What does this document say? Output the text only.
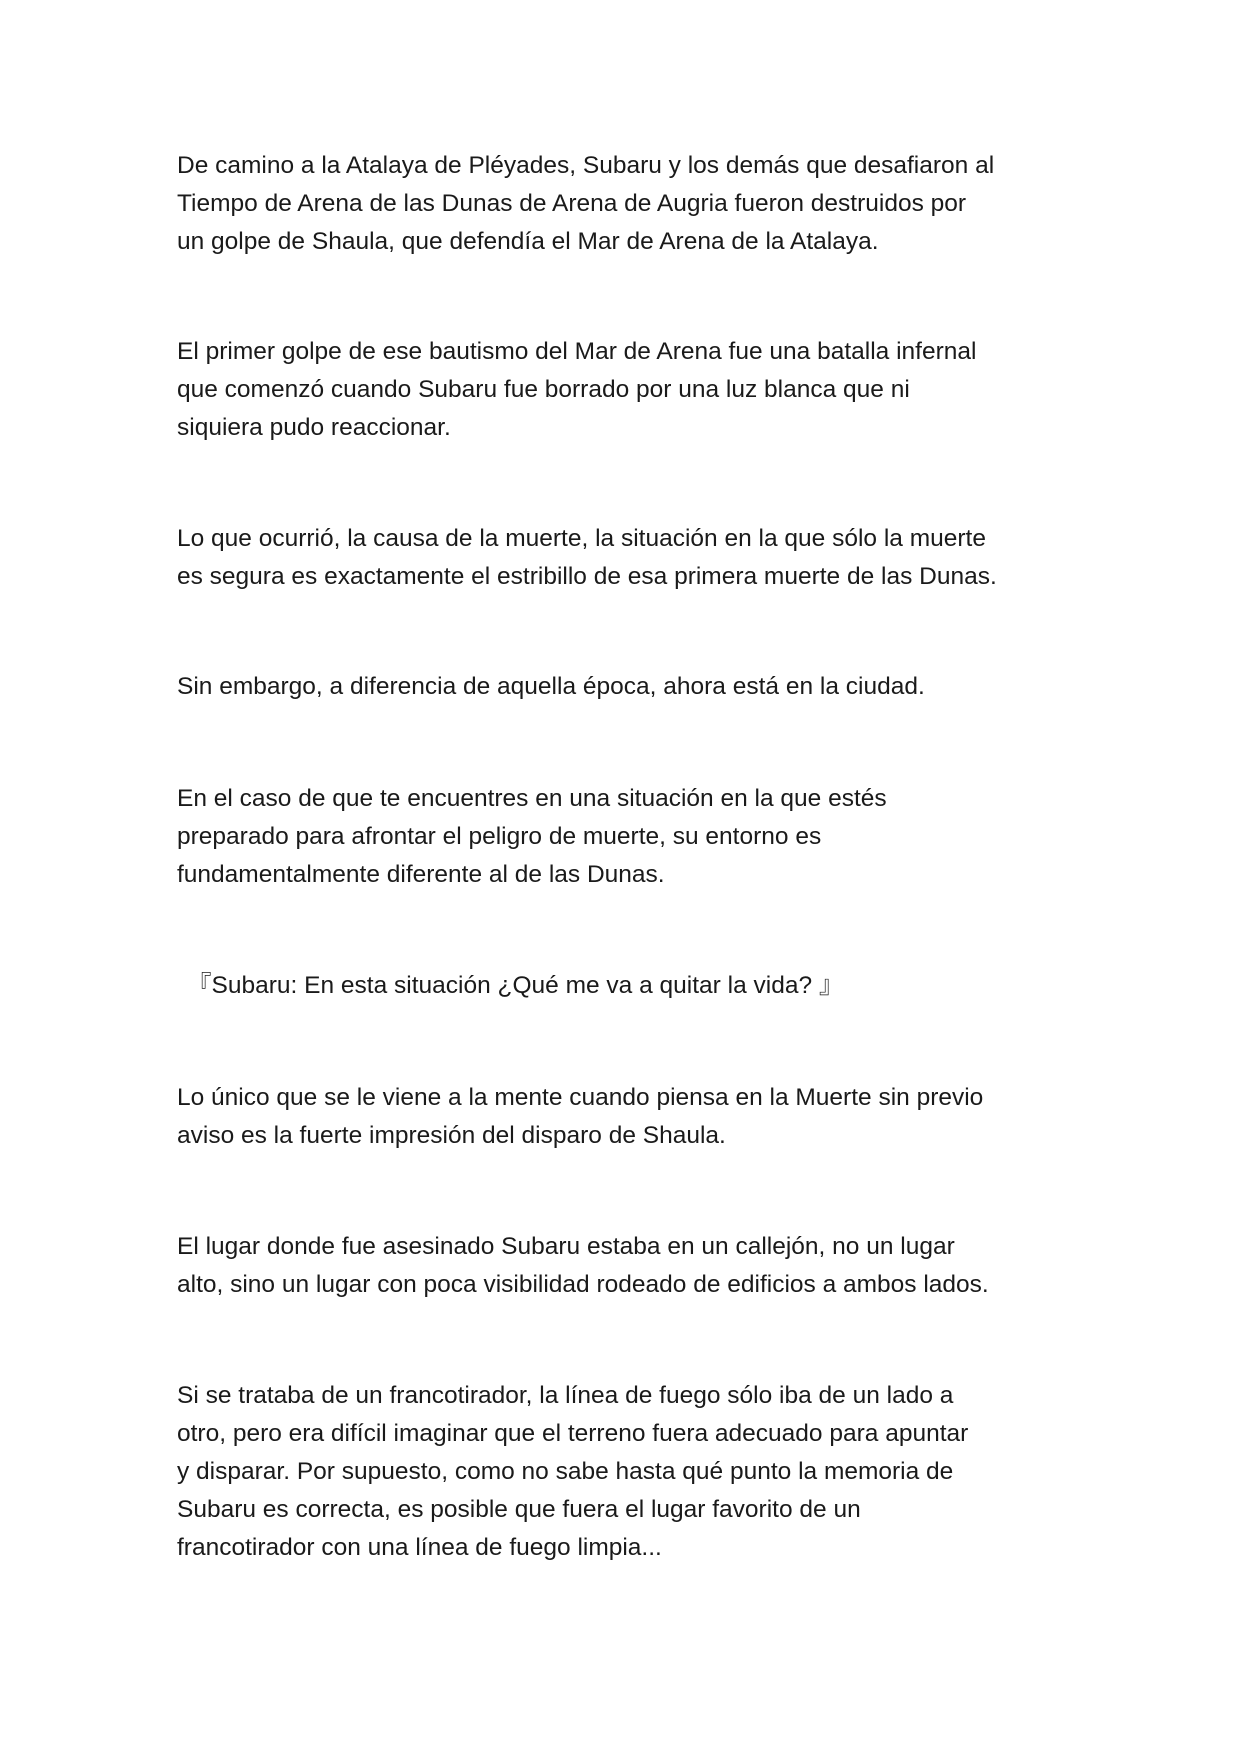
De camino a la Atalaya de Pléyades, Subaru y los demás que desafiaron al
Tiempo de Arena de las Dunas de Arena de Augria fueron destruidos por
un golpe de Shaula, que defendía el Mar de Arena de la Atalaya.

El primer golpe de ese bautismo del Mar de Arena fue una batalla infernal
que comenzó cuando Subaru fue borrado por una luz blanca que ni
siquiera pudo reaccionar.

Lo que ocurrió, la causa de la muerte, la situación en la que sólo la muerte
es segura es exactamente el estribillo de esa primera muerte de las Dunas.

Sin embargo, a diferencia de aquella época, ahora está en la ciudad.

En el caso de que te encuentres en una situación en la que estés
preparado para afrontar el peligro de muerte, su entorno es
fundamentalmente diferente al de las Dunas.

『Subaru: En esta situación ¿Qué me va a quitar la vida? 』

Lo único que se le viene a la mente cuando piensa en la Muerte sin previo
aviso es la fuerte impresión del disparo de Shaula.

El lugar donde fue asesinado Subaru estaba en un callejón, no un lugar
alto, sino un lugar con poca visibilidad rodeado de edificios a ambos lados.

Si se trataba de un francotirador, la línea de fuego sólo iba de un lado a
otro, pero era difícil imaginar que el terreno fuera adecuado para apuntar
y disparar. Por supuesto, como no sabe hasta qué punto la memoria de
Subaru es correcta, es posible que fuera el lugar favorito de un
francotirador con una línea de fuego limpia...
